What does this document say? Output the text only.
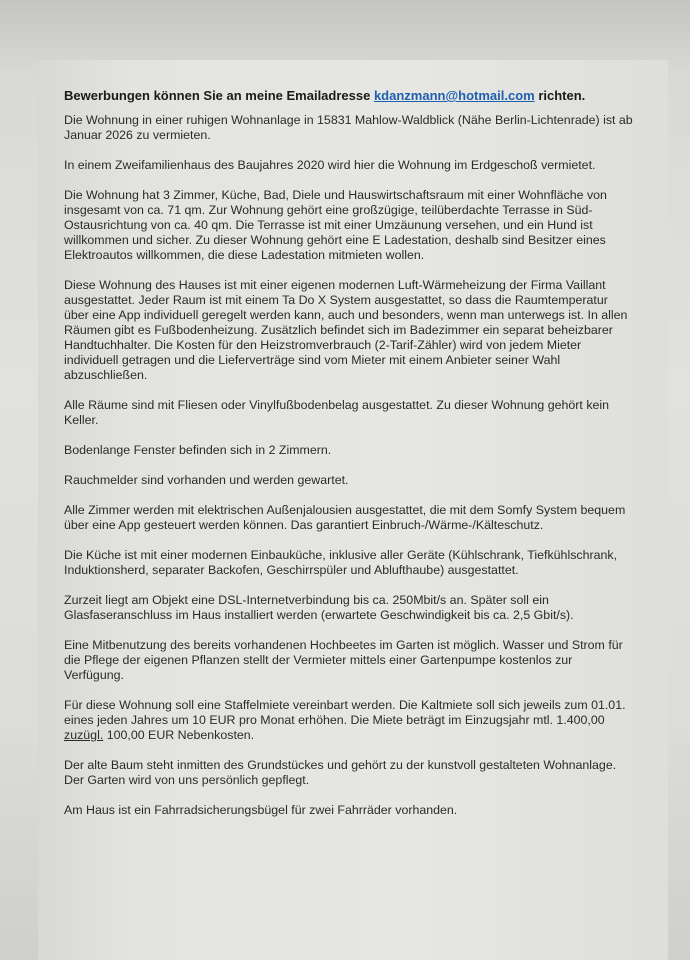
Bewerbungen können Sie an meine Emailadresse kdanzmann@hotmail.com richten.

Die Wohnung in einer ruhigen Wohnanlage in 15831 Mahlow-Waldblick (Nähe Berlin-Lichtenrade) ist ab Januar 2026 zu vermieten.

In einem Zweifamilienhaus des Baujahres 2020 wird hier die Wohnung im Erdgeschoß vermietet.

Die Wohnung hat 3 Zimmer, Küche, Bad, Diele und Hauswirtschaftsraum mit einer Wohnfläche von insgesamt von ca. 71 qm. Zur Wohnung gehört eine großzügige, teilüberdachte Terrasse in Süd-Ostausrichtung von ca. 40 qm. Die Terrasse ist mit einer Umzäunung versehen, und ein Hund ist willkommen und sicher. Zu dieser Wohnung gehört eine E Ladestation, deshalb sind Besitzer eines Elektroautos willkommen, die diese Ladestation mitmieten wollen.

Diese Wohnung des Hauses ist mit einer eigenen modernen Luft-Wärmeheizung der Firma Vaillant ausgestattet. Jeder Raum ist mit einem Ta Do X System ausgestattet, so dass die Raumtemperatur über eine App individuell geregelt werden kann, auch und besonders, wenn man unterwegs ist. In allen Räumen gibt es Fußbodenheizung. Zusätzlich befindet sich im Badezimmer ein separat beheizbarer Handtuchhalter. Die Kosten für den Heizstromverbrauch (2-Tarif-Zähler) wird von jedem Mieter individuell getragen und die Lieferverträge sind vom Mieter mit einem Anbieter seiner Wahl abzuschließen.

Alle Räume sind mit Fliesen oder Vinylfußbodenbelag ausgestattet. Zu dieser Wohnung gehört kein Keller.

Bodenlange Fenster befinden sich in 2 Zimmern.

Rauchmelder sind vorhanden und werden gewartet.

Alle Zimmer werden mit elektrischen Außenjalousien ausgestattet, die mit dem Somfy System bequem über eine App gesteuert werden können. Das garantiert Einbruch-/Wärme-/Kälteschutz.

Die Küche ist mit einer modernen Einbauküche, inklusive aller Geräte (Kühlschrank, Tiefkühlschrank, Induktionsherd, separater Backofen, Geschirrspüler und Ablufthaube) ausgestattet.

Zurzeit liegt am Objekt eine DSL-Internetverbindung bis ca. 250Mbit/s an. Später soll ein Glasfaseranschluss im Haus installiert werden (erwartete Geschwindigkeit bis ca. 2,5 Gbit/s).

Eine Mitbenutzung des bereits vorhandenen Hochbeetes im Garten ist möglich. Wasser und Strom für die Pflege der eigenen Pflanzen stellt der Vermieter mittels einer Gartenpumpe kostenlos zur Verfügung.

Für diese Wohnung soll eine Staffelmiete vereinbart werden. Die Kaltmiete soll sich jeweils zum 01.01. eines jeden Jahres um 10 EUR pro Monat erhöhen. Die Miete beträgt im Einzugsjahr mtl. 1.400,00 zuzügl. 100,00 EUR Nebenkosten.

Der alte Baum steht inmitten des Grundstückes und gehört zu der kunstvoll gestalteten Wohnanlage. Der Garten wird von uns persönlich gepflegt.

Am Haus ist ein Fahrradsicherungsbügel für zwei Fahrräder vorhanden.
